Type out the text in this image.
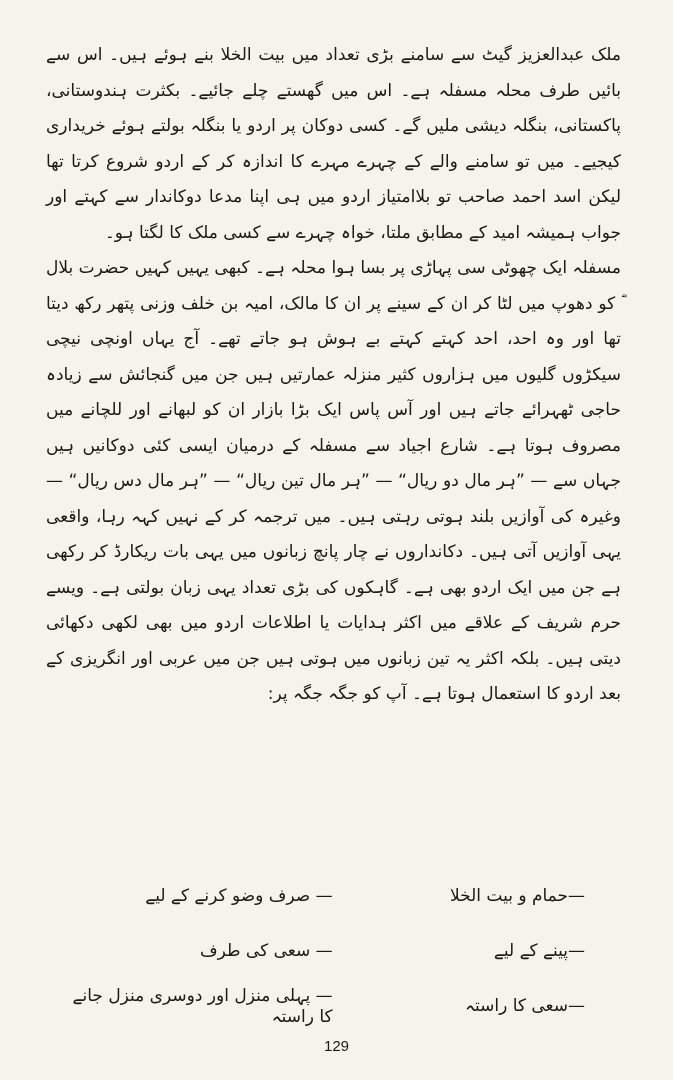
ملک عبدالعزیز گیٹ سے سامنے بڑی تعداد میں بیت الخلا بنے ہوئے ہیں۔ اس سے بائیں طرف محلہ مسفلہ ہے۔ اس میں گھستے چلے جائیے۔ بکثرت ہندوستانی، پاکستانی، بنگلہ دیشی ملیں گے۔ کسی دوکان پر اردو یا بنگلہ بولتے ہوئے خریداری کیجیے۔ میں تو سامنے والے کے چہرے مہرے کا اندازہ کر کے اردو شروع کرتا تھا لیکن اسد احمد صاحب تو بلاامتیاز اردو میں ہی اپنا مدعا دوکاندار سے کہتے اور جواب ہمیشہ امید کے مطابق ملتا، خواہ چہرے سے کسی ملک کا لگتا ہو۔

مسفلہ ایک چھوٹی سی پہاڑی پر بسا ہوا محلہ ہے۔ کبھی یہیں کہیں حضرت بلال ؓ کو دھوپ میں لٹا کر ان کے سینے پر ان کا مالک، امیہ بن خلف وزنی پتھر رکھ دیتا تھا اور وہ احد، احد کہتے کہتے بے ہوش ہو جاتے تھے۔ آج یہاں اونچی نیچی سیکڑوں گلیوں میں ہزاروں کثیر منزلہ عمارتیں ہیں جن میں گنجائش سے زیادہ حاجی ٹھہرائے جاتے ہیں اور آس پاس ایک بڑا بازار ان کو لبھانے اور للچانے میں مصروف ہوتا ہے۔ شارع اجیاد سے مسفلہ کے درمیان ایسی کئی دوکانیں ہیں جہاں سے — ”ہر مال دو ریال“ — ”ہر مال تین ریال“ — ”ہر مال دس ریال“ — وغیرہ کی آوازیں بلند ہوتی رہتی ہیں۔ میں ترجمہ کر کے نہیں کہہ رہا، واقعی یہی آوازیں آتی ہیں۔ دکانداروں نے چار پانچ زبانوں میں یہی بات ریکارڈ کر رکھی ہے جن میں ایک اردو بھی ہے۔ گاہکوں کی بڑی تعداد یہی زبان بولتی ہے۔ ویسے حرم شریف کے علاقے میں اکثر ہدایات یا اطلاعات اردو میں بھی لکھی دکھائی دیتی ہیں۔ بلکہ اکثر یہ تین زبانوں میں ہوتی ہیں جن میں عربی اور انگریزی کے بعد اردو کا استعمال ہوتا ہے۔ آپ کو جگہ جگہ پر:

—حمام و بیت الخلا
— صرف وضو کرنے کے لیے
—پینے کے لیے
— سعی کی طرف
—سعی کا راستہ
— پہلی منزل اور دوسری منزل جانے کا راستہ
129
